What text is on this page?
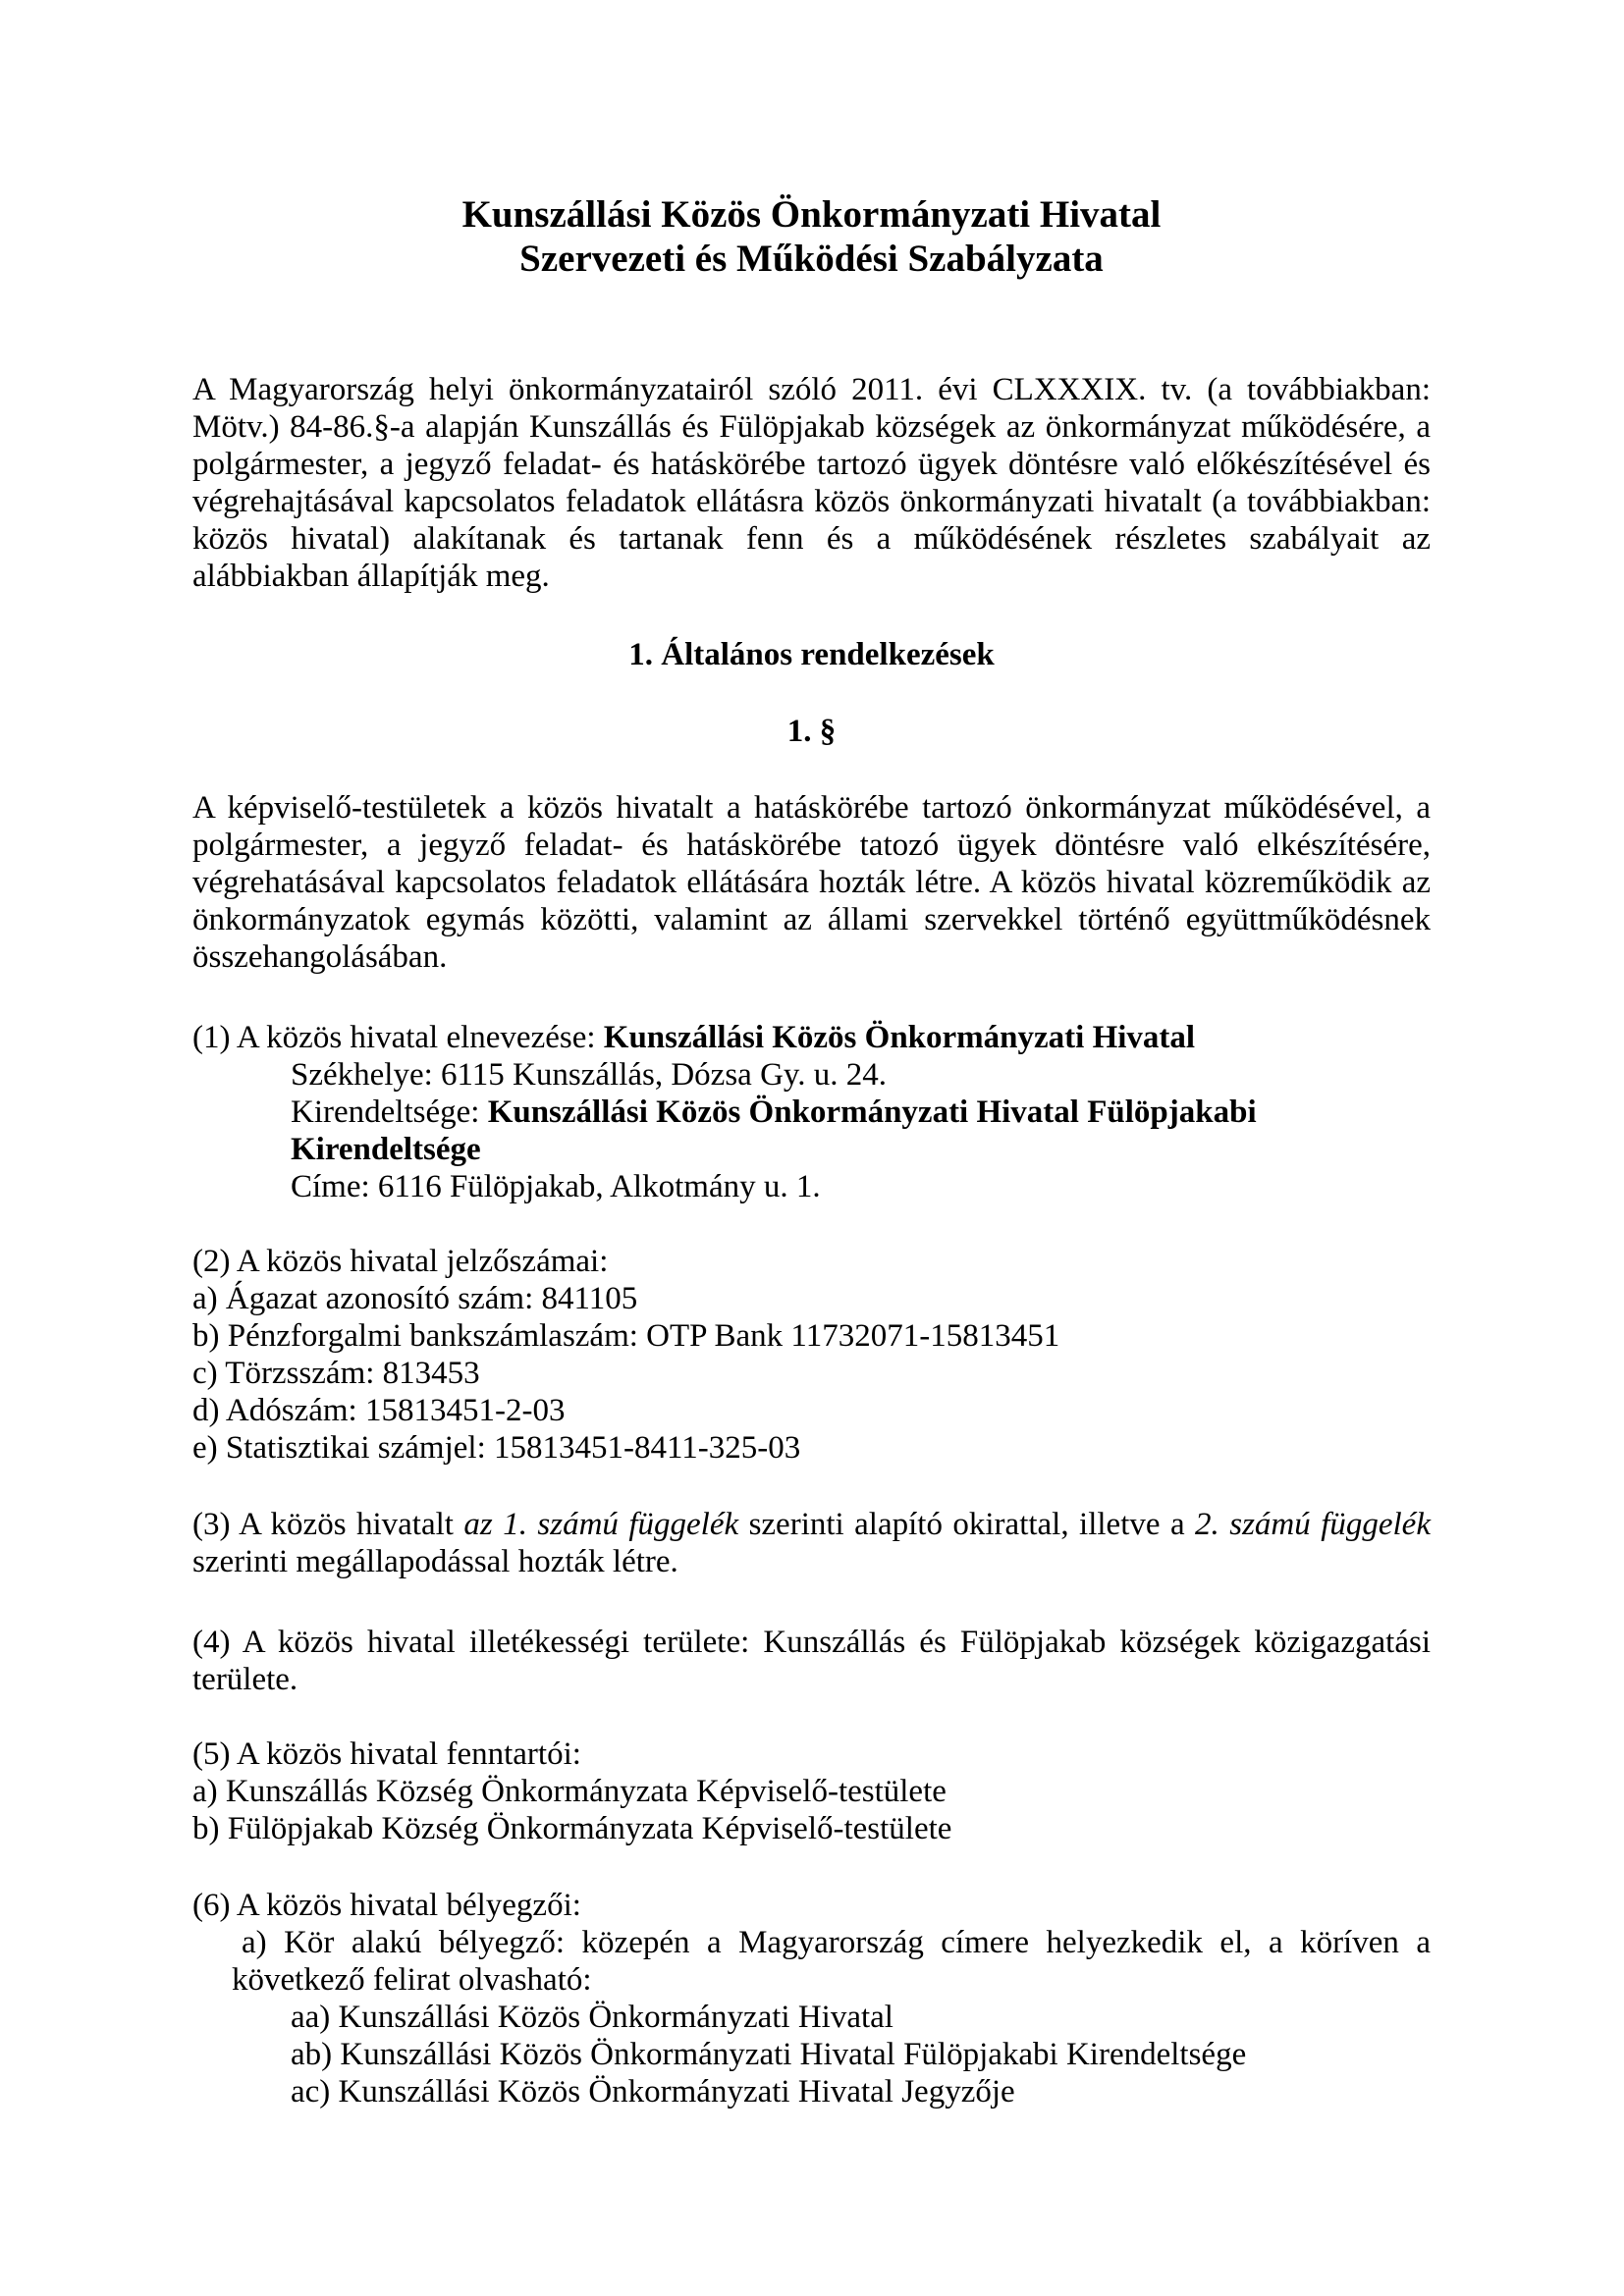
Kunszállási Közös Önkormányzati Hivatal
Szervezeti és Működési Szabályzata

A Magyarország helyi önkormányzatairól szóló 2011. évi CLXXXIX. tv. (a továbbiakban: Mötv.) 84-86.§-a alapján Kunszállás és Fülöpjakab községek az önkormányzat működésére, a polgármester, a jegyző feladat- és hatáskörébe tartozó ügyek döntésre való előkészítésével és végrehajtásával kapcsolatos feladatok ellátásra közös önkormányzati hivatalt (a továbbiakban: közös hivatal) alakítanak és tartanak fenn és a működésének részletes szabályait az alábbiakban állapítják meg.

1. Általános rendelkezések
1. §

A képviselő-testületek a közös hivatalt a hatáskörébe tartozó önkormányzat működésével, a polgármester, a jegyző feladat- és hatáskörébe tatozó ügyek döntésre való elkészítésére, végrehatásával kapcsolatos feladatok ellátására hozták létre. A közös hivatal közreműködik az önkormányzatok egymás közötti, valamint az állami szervekkel történő együttműködésnek összehangolásában.

(1) A közös hivatal elnevezése: Kunszállási Közös Önkormányzati Hivatal
Székhelye: 6115 Kunszállás, Dózsa Gy. u. 24.
Kirendeltsége: Kunszállási Közös Önkormányzati Hivatal Fülöpjakabi Kirendeltsége
Címe: 6116 Fülöpjakab, Alkotmány u. 1.
(2) A közös hivatal jelzőszámai:
a) Ágazat azonosító szám: 841105
b) Pénzforgalmi bankszámlaszám: OTP Bank 11732071-15813451
c) Törzsszám: 813453
d) Adószám: 15813451-2-03
e) Statisztikai számjel: 15813451-8411-325-03

(3) A közös hivatalt az 1. számú függelék szerinti alapító okirattal, illetve a 2. számú függelék szerinti megállapodással hozták létre.

(4) A közös hivatal illetékességi területe: Kunszállás és Fülöpjakab községek közigazgatási területe.

(5) A közös hivatal fenntartói:
a) Kunszállás Község Önkormányzata Képviselő-testülete
b) Fülöpjakab Község Önkormányzata Képviselő-testülete
(6) A közös hivatal bélyegzői:
a) Kör alakú bélyegző: közepén a Magyarország címere helyezkedik el, a köríven a következő felirat olvasható:
aa) Kunszállási Közös Önkormányzati Hivatal
ab) Kunszállási Közös Önkormányzati Hivatal Fülöpjakabi Kirendeltsége
ac) Kunszállási Közös Önkormányzati Hivatal Jegyzője
